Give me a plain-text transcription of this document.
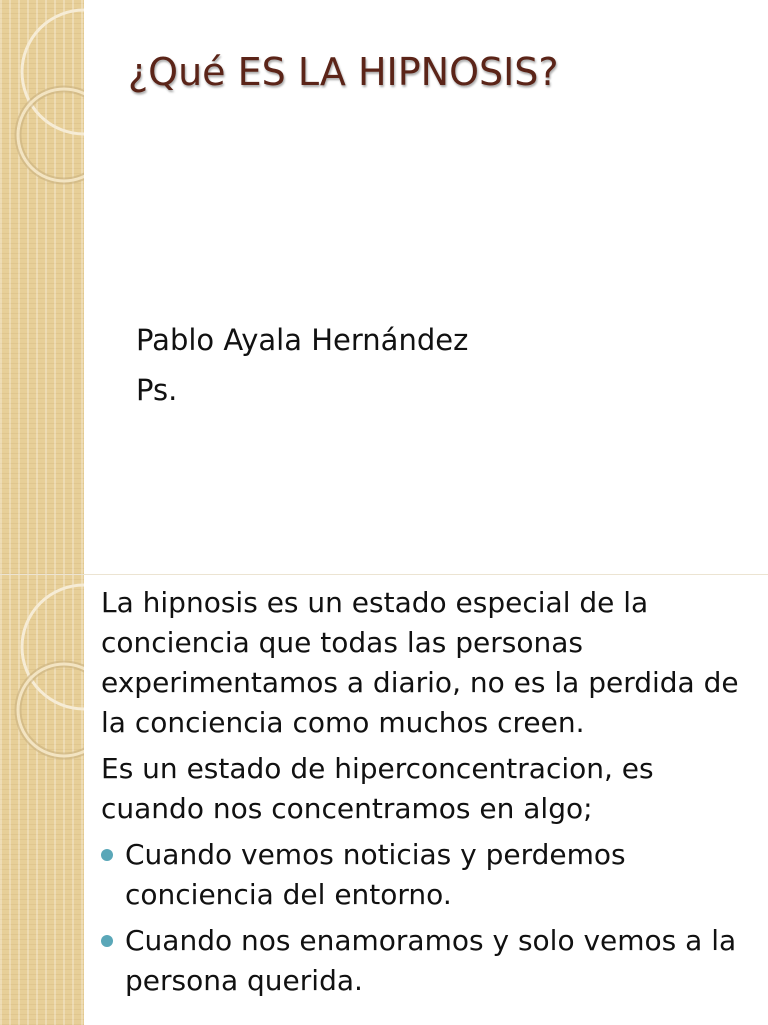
¿Qué ES LA HIPNOSIS?
Pablo Ayala Hernández
Ps.

La hipnosis es un estado especial de la conciencia que todas las personas experimentamos a diario, no es la perdida de la conciencia como muchos creen.

Es un estado de hiperconcentracion, es cuando nos concentramos en algo;

Cuando vemos noticias y perdemos conciencia del entorno.
Cuando nos enamoramos y solo vemos a la persona querida.
